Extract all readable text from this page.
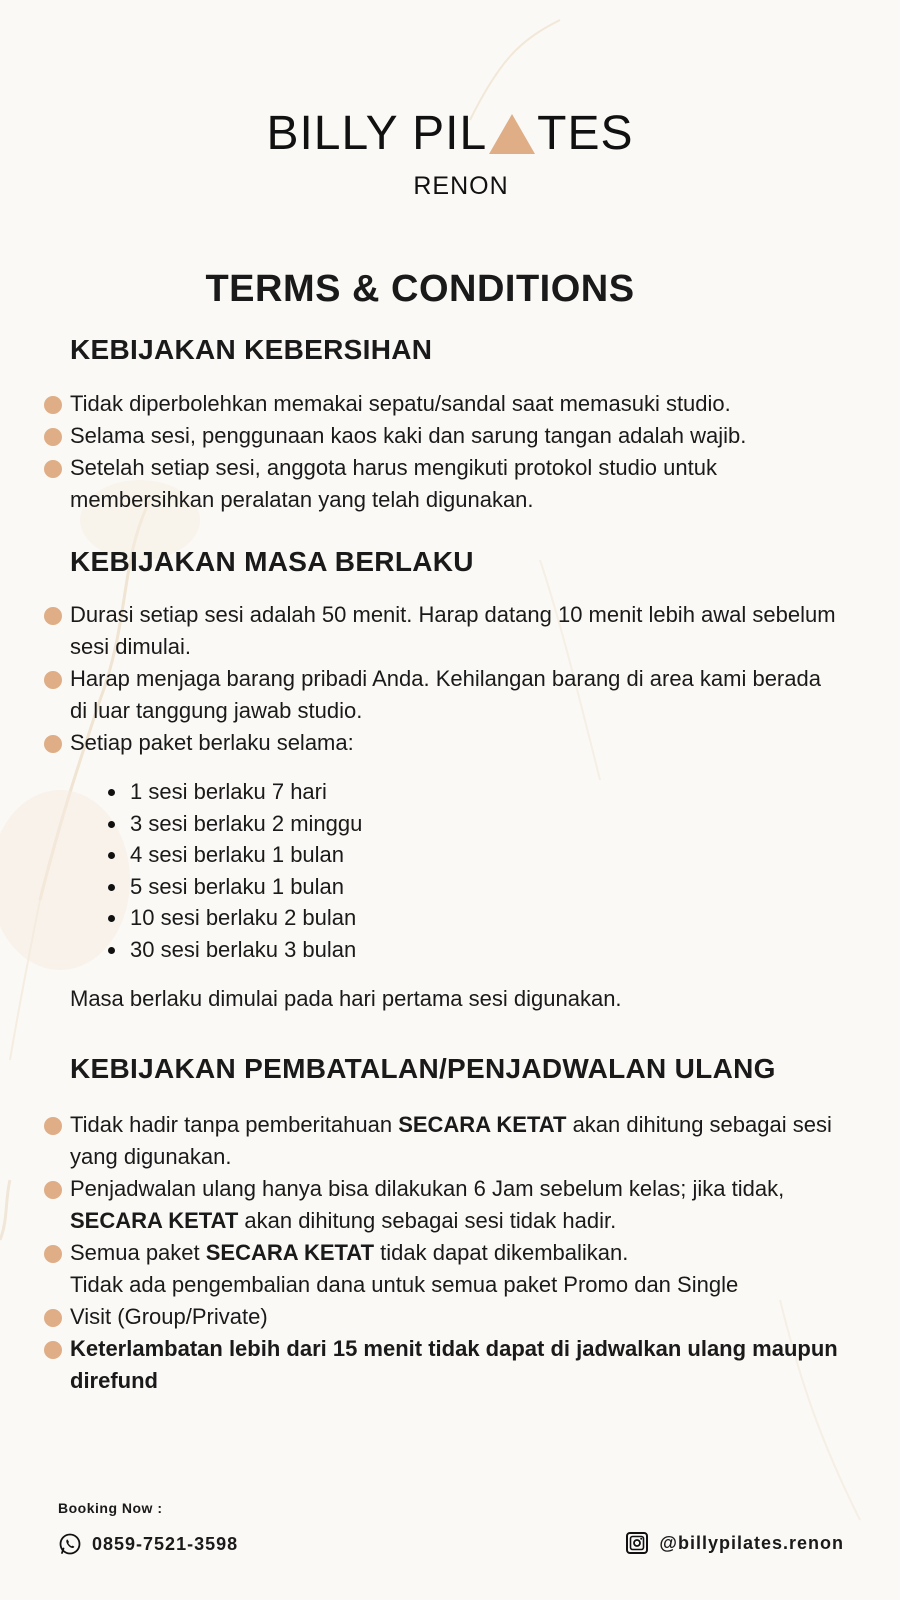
BILLY PIL TES
RENON
TERMS & CONDITIONS
KEBIJAKAN KEBERSIHAN
Tidak diperbolehkan memakai sepatu/sandal saat memasuki studio.
Selama sesi, penggunaan kaos kaki dan sarung tangan adalah wajib.
Setelah setiap sesi, anggota harus mengikuti protokol studio untuk membersihkan peralatan yang telah digunakan.
KEBIJAKAN MASA BERLAKU
Durasi setiap sesi adalah 50 menit. Harap datang 10 menit lebih awal sebelum sesi dimulai.
Harap menjaga barang pribadi Anda. Kehilangan barang di area kami berada di luar tanggung jawab studio.
Setiap paket berlaku selama:
1 sesi berlaku 7 hari
3 sesi berlaku 2 minggu
4 sesi berlaku 1 bulan
5 sesi berlaku 1 bulan
10 sesi berlaku 2 bulan
30 sesi berlaku 3 bulan
Masa berlaku dimulai pada hari pertama sesi digunakan.
KEBIJAKAN PEMBATALAN/PENJADWALAN ULANG
Tidak hadir tanpa pemberitahuan SECARA KETAT akan dihitung sebagai sesi yang digunakan.
Penjadwalan ulang hanya bisa dilakukan 6 Jam sebelum kelas; jika tidak, SECARA KETAT akan dihitung sebagai sesi tidak hadir.
Semua paket SECARA KETAT tidak dapat dikembalikan.
Tidak ada pengembalian dana untuk semua paket Promo dan Single
Visit (Group/Private)
Keterlambatan lebih dari 15 menit tidak dapat di jadwalkan ulang maupun direfund
Booking Now :
0859-7521-3598	@billypilates.renon
